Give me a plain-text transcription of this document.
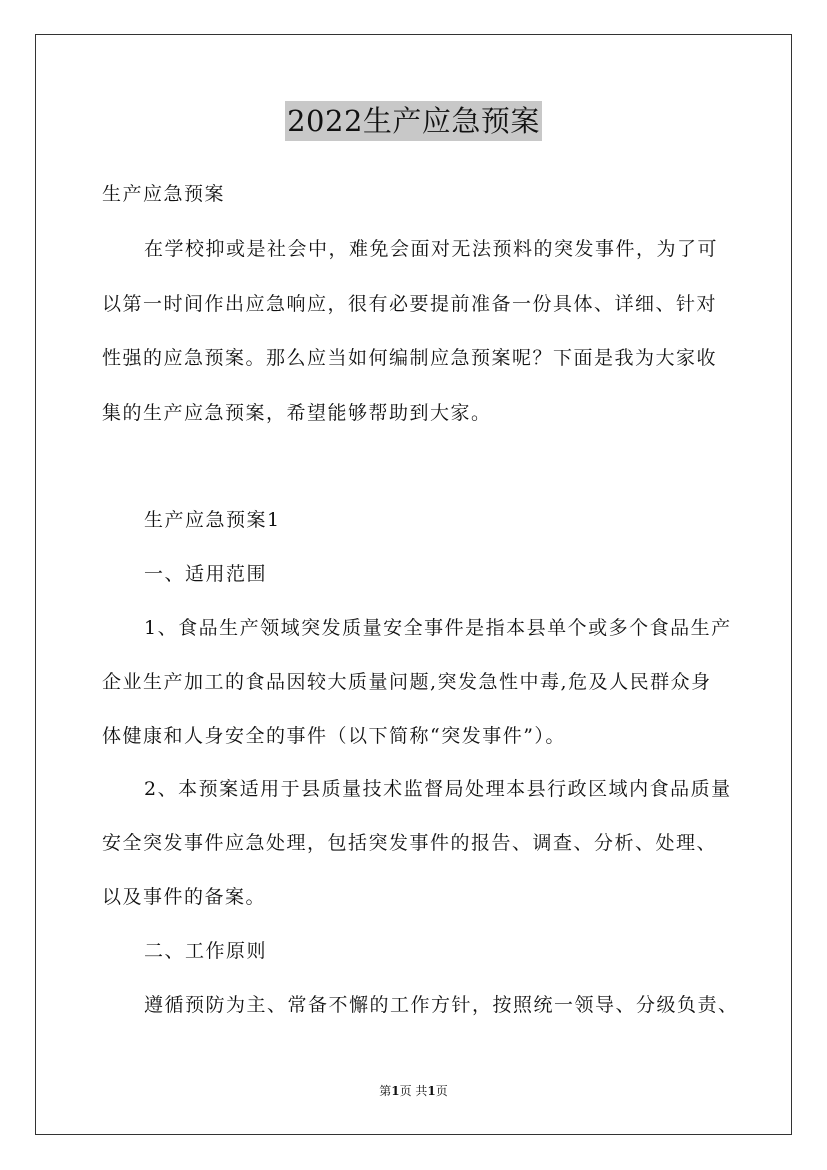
2022生产应急预案
生产应急预案
在学校抑或是社会中，难免会面对无法预料的突发事件，为了可
以第一时间作出应急响应，很有必要提前准备一份具体、详细、针对
性强的应急预案。那么应当如何编制应急预案呢？下面是我为大家收
集的生产应急预案，希望能够帮助到大家。
生产应急预案1
一、适用范围
1、食品生产领域突发质量安全事件是指本县单个或多个食品生产
企业生产加工的食品因较大质量问题,突发急性中毒,危及人民群众身
体健康和人身安全的事件（以下简称“突发事件”）。
2、本预案适用于县质量技术监督局处理本县行政区域内食品质量
安全突发事件应急处理，包括突发事件的报告、调查、分析、处理、
以及事件的备案。
二、工作原则
遵循预防为主、常备不懈的工作方针，按照统一领导、分级负责、
第1页 共1页
